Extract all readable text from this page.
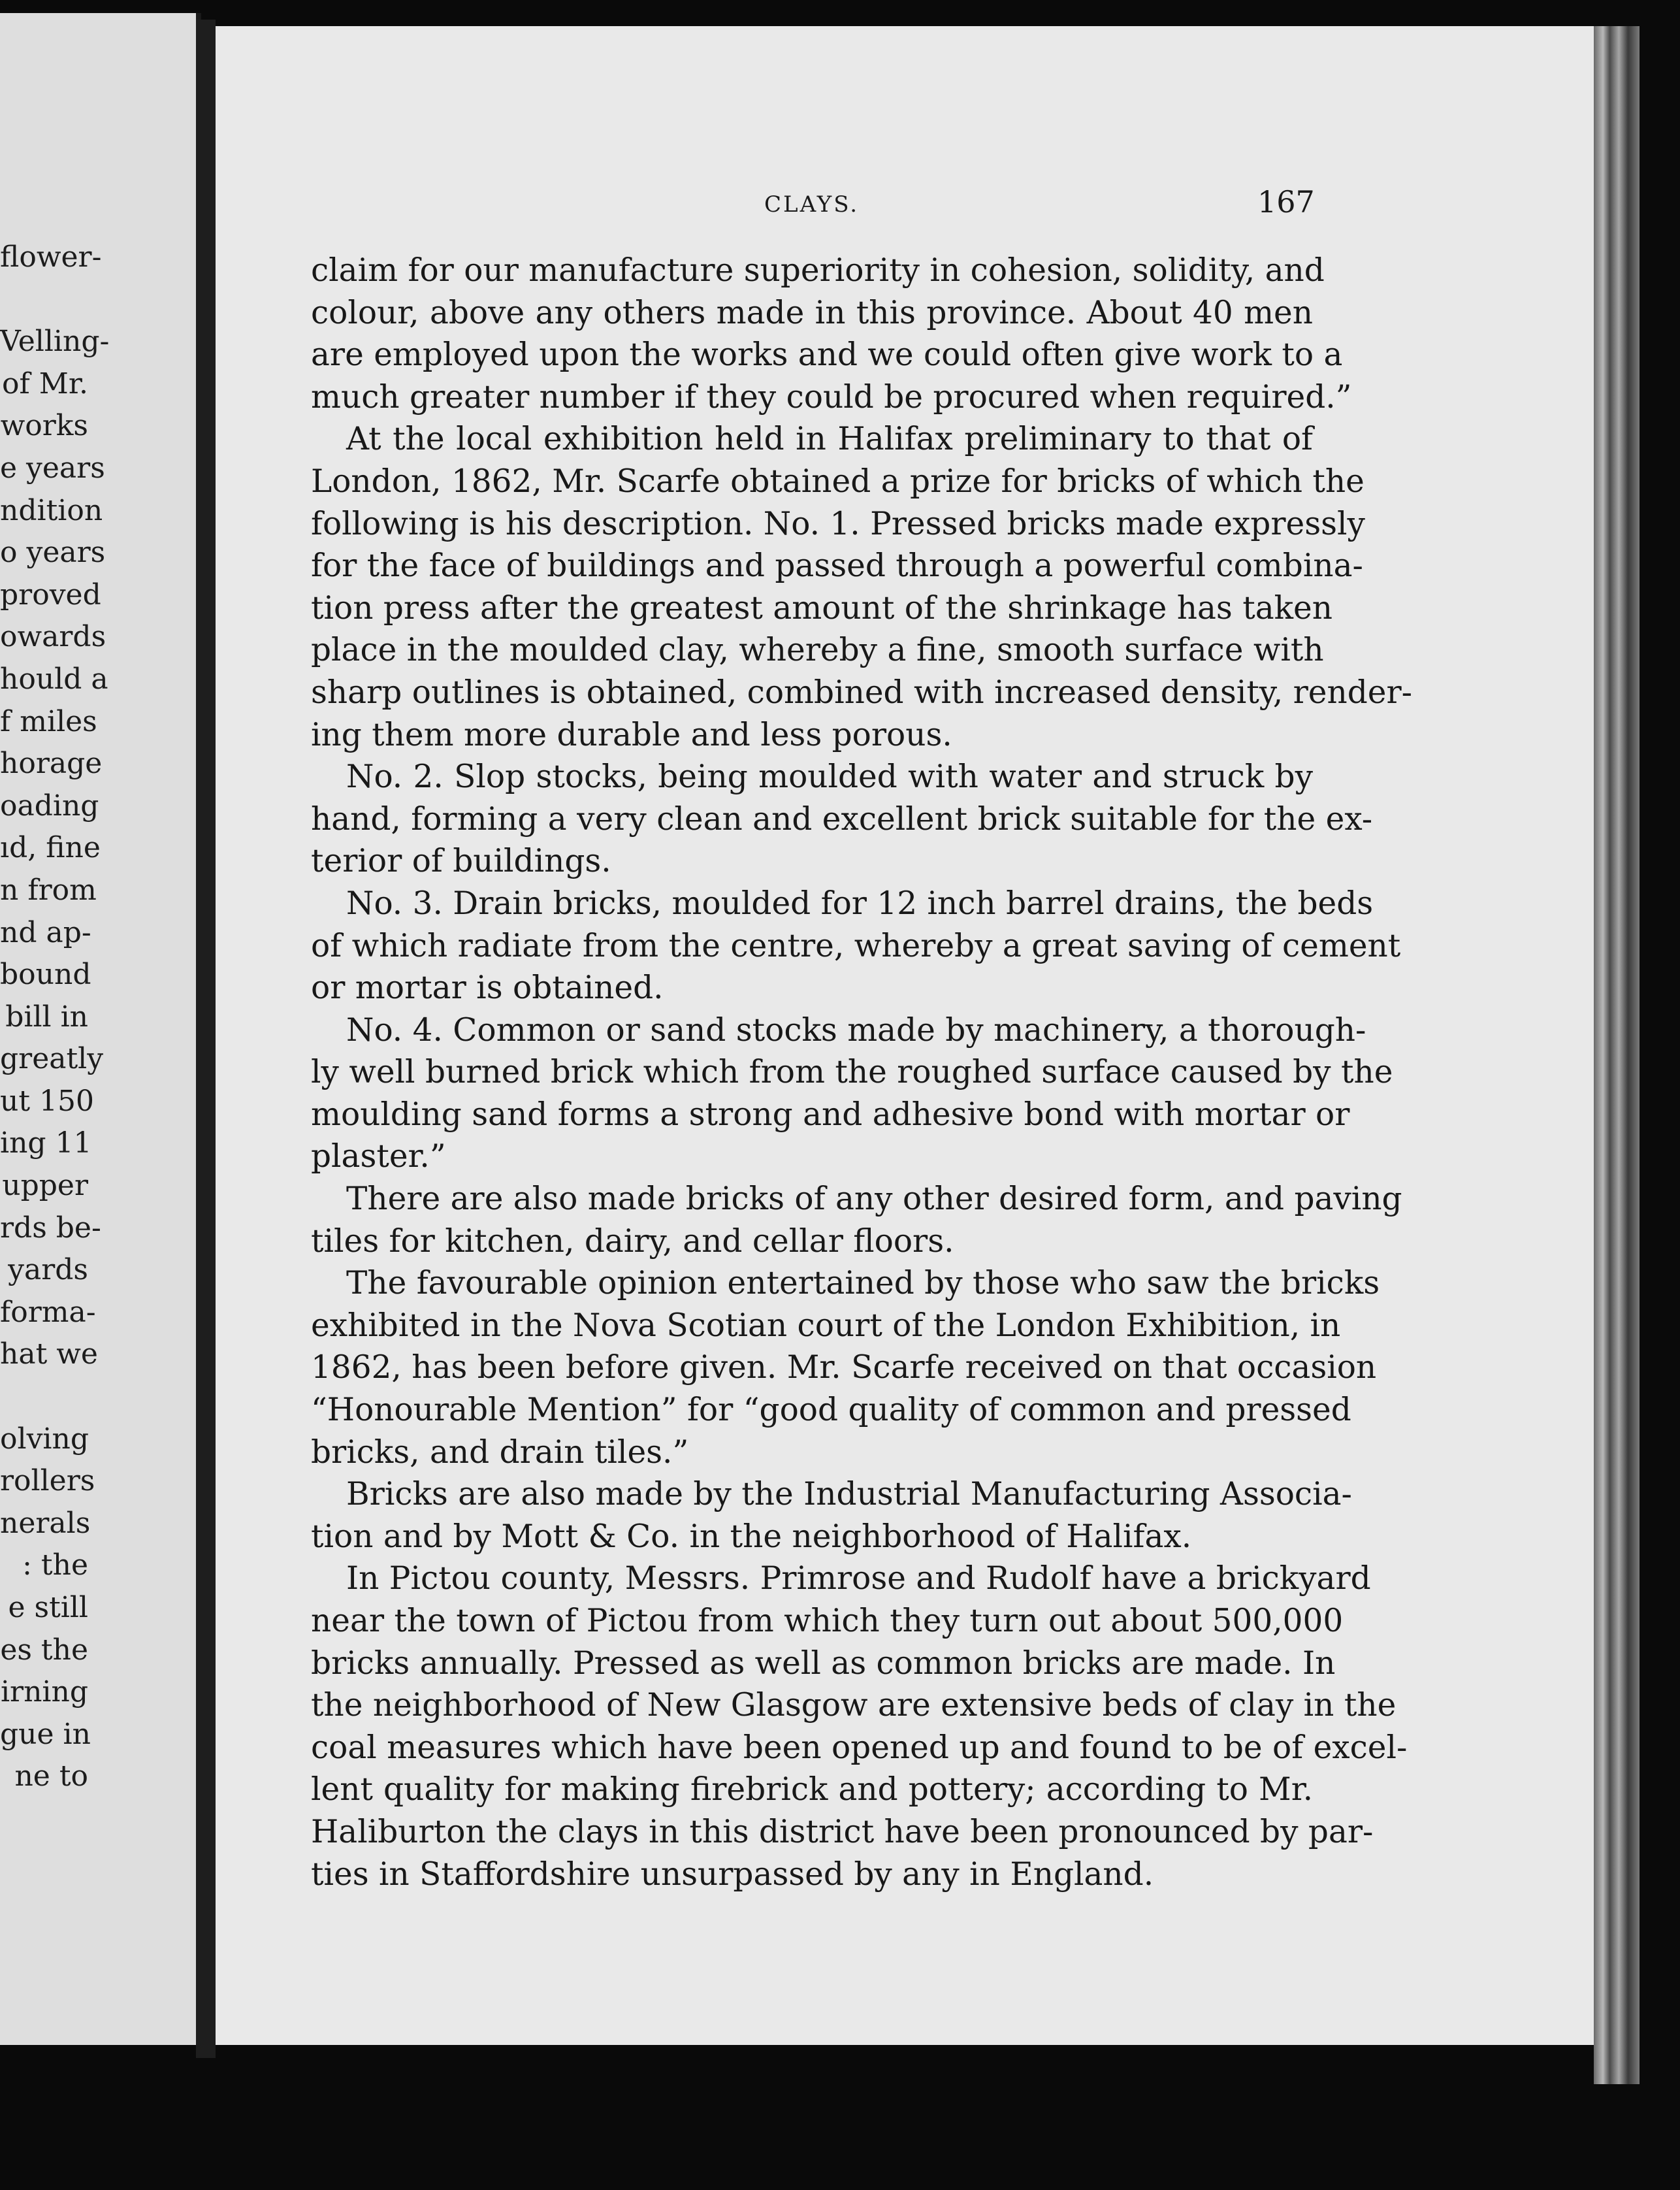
flower-
Velling-
of Mr.
works
e years
ndition
o years
proved
owards
hould a
f miles
horage
oading
ıd, fine
n from
nd ap-
bound
bill in
greatly
ut 150
ing 11
upper
rds be-
yards
forma-
hat we
olving
rollers
nerals
: the
e still
es the
irning
gue in
ne to
CLAYS.	167
claim for our manufacture superiority in cohesion, solidity, and
colour, above any others made in this province. About 40 men
are employed upon the works and we could often give work to a
much greater number if they could be procured when required.”
At the local exhibition held in Halifax preliminary to that of
London, 1862, Mr. Scarfe obtained a prize for bricks of which the
following is his description. No. 1. Pressed bricks made expressly
for the face of buildings and passed through a powerful combina-
tion press after the greatest amount of the shrinkage has taken
place in the moulded clay, whereby a fine, smooth surface with
sharp outlines is obtained, combined with increased density, render-
ing them more durable and less porous.
No. 2. Slop stocks, being moulded with water and struck by
hand, forming a very clean and excellent brick suitable for the ex-
terior of buildings.
No. 3. Drain bricks, moulded for 12 inch barrel drains, the beds
of which radiate from the centre, whereby a great saving of cement
or mortar is obtained.
No. 4. Common or sand stocks made by machinery, a thorough-
ly well burned brick which from the roughed surface caused by the
moulding sand forms a strong and adhesive bond with mortar or
plaster.”
There are also made bricks of any other desired form, and paving
tiles for kitchen, dairy, and cellar floors.
The favourable opinion entertained by those who saw the bricks
exhibited in the Nova Scotian court of the London Exhibition, in
1862, has been before given. Mr. Scarfe received on that occasion
“Honourable Mention” for “good quality of common and pressed
bricks, and drain tiles.”
Bricks are also made by the Industrial Manufacturing Associa-
tion and by Mott & Co. in the neighborhood of Halifax.
In Pictou county, Messrs. Primrose and Rudolf have a brickyard
near the town of Pictou from which they turn out about 500,000
bricks annually. Pressed as well as common bricks are made. In
the neighborhood of New Glasgow are extensive beds of clay in the
coal measures which have been opened up and found to be of excel-
lent quality for making firebrick and pottery; according to Mr.
Haliburton the clays in this district have been pronounced by par-
ties in Staffordshire unsurpassed by any in England.
